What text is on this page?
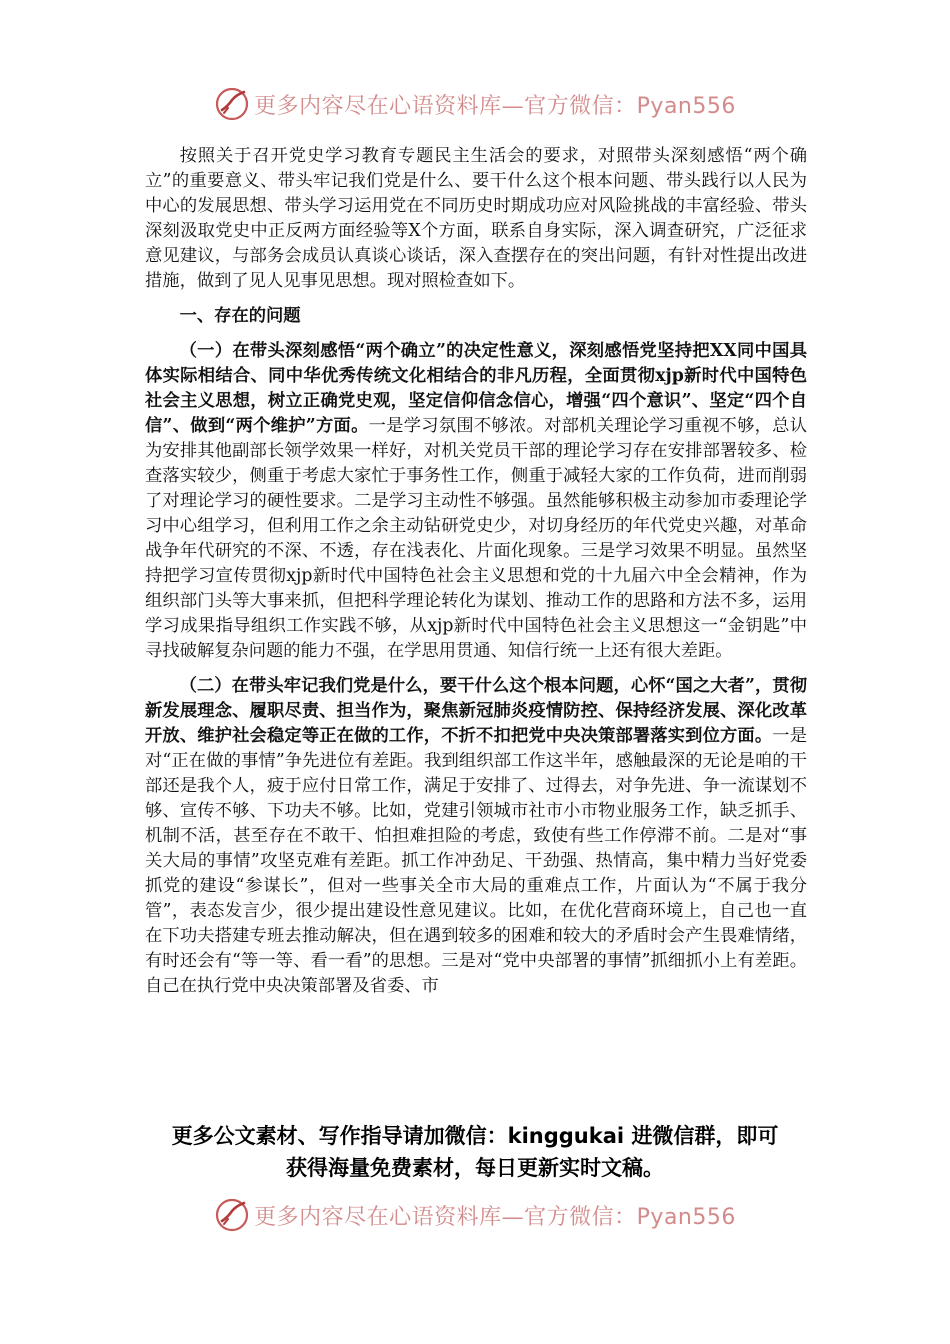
更多内容尽在心语资料库—官方微信：Pyan556

按照关于召开党史学习教育专题民主生活会的要求，对照带头深刻感悟“两个确立”的重要意义、带头牢记我们党是什么、要干什么这个根本问题、带头践行以人民为中心的发展思想、带头学习运用党在不同历史时期成功应对风险挑战的丰富经验、带头深刻汲取党史中正反两方面经验等X个方面，联系自身实际，深入调查研究，广泛征求意见建议，与部务会成员认真谈心谈话，深入查摆存在的突出问题，有针对性提出改进措施，做到了见人见事见思想。现对照检查如下。

一、存在的问题

（一）在带头深刻感悟“两个确立”的决定性意义，深刻感悟党坚持把XX同中国具体实际相结合、同中华优秀传统文化相结合的非凡历程，全面贯彻xjp新时代中国特色社会主义思想，树立正确党史观，坚定信仰信念信心，增强“四个意识”、坚定“四个自信”、做到“两个维护”方面。一是学习氛围不够浓。对部机关理论学习重视不够，总认为安排其他副部长领学效果一样好，对机关党员干部的理论学习存在安排部署较多、检查落实较少，侧重于考虑大家忙于事务性工作，侧重于减轻大家的工作负荷，进而削弱了对理论学习的硬性要求。二是学习主动性不够强。虽然能够积极主动参加市委理论学习中心组学习，但利用工作之余主动钻研党史少，对切身经历的年代党史兴趣，对革命战争年代研究的不深、不透，存在浅表化、片面化现象。三是学习效果不明显。虽然坚持把学习宣传贯彻xjp新时代中国特色社会主义思想和党的十九届六中全会精神，作为组织部门头等大事来抓，但把科学理论转化为谋划、推动工作的思路和方法不多，运用学习成果指导组织工作实践不够，从xjp新时代中国特色社会主义思想这一“金钥匙”中寻找破解复杂问题的能力不强，在学思用贯通、知信行统一上还有很大差距。

（二）在带头牢记我们党是什么，要干什么这个根本问题，心怀“国之大者”，贯彻新发展理念、履职尽责、担当作为，聚焦新冠肺炎疫情防控、保持经济发展、深化改革开放、维护社会稳定等正在做的工作，不折不扣把党中央决策部署落实到位方面。一是对“正在做的事情”争先进位有差距。我到组织部工作这半年，感触最深的无论是咱的干部还是我个人，疲于应付日常工作，满足于安排了、过得去，对争先进、争一流谋划不够、宣传不够、下功夫不够。比如，党建引领城市社市小市物业服务工作，缺乏抓手、机制不活，甚至存在不敢干、怕担难担险的考虑，致使有些工作停滞不前。二是对“事关大局的事情”攻坚克难有差距。抓工作冲劲足、干劲强、热情高，集中精力当好党委抓党的建设“参谋长”，但对一些事关全市大局的重难点工作，片面认为“不属于我分管”，表态发言少，很少提出建设性意见建议。比如，在优化营商环境上，自己也一直在下功夫搭建专班去推动解决，但在遇到较多的困难和较大的矛盾时会产生畏难情绪，有时还会有“等一等、看一看”的思想。三是对“党中央部署的事情”抓细抓小上有差距。自己在执行党中央决策部署及省委、市

更多公文素材、写作指导请加微信：kinggukai 进微信群，即可
获得海量免费素材，每日更新实时文稿。
更多内容尽在心语资料库—官方微信：Pyan556
